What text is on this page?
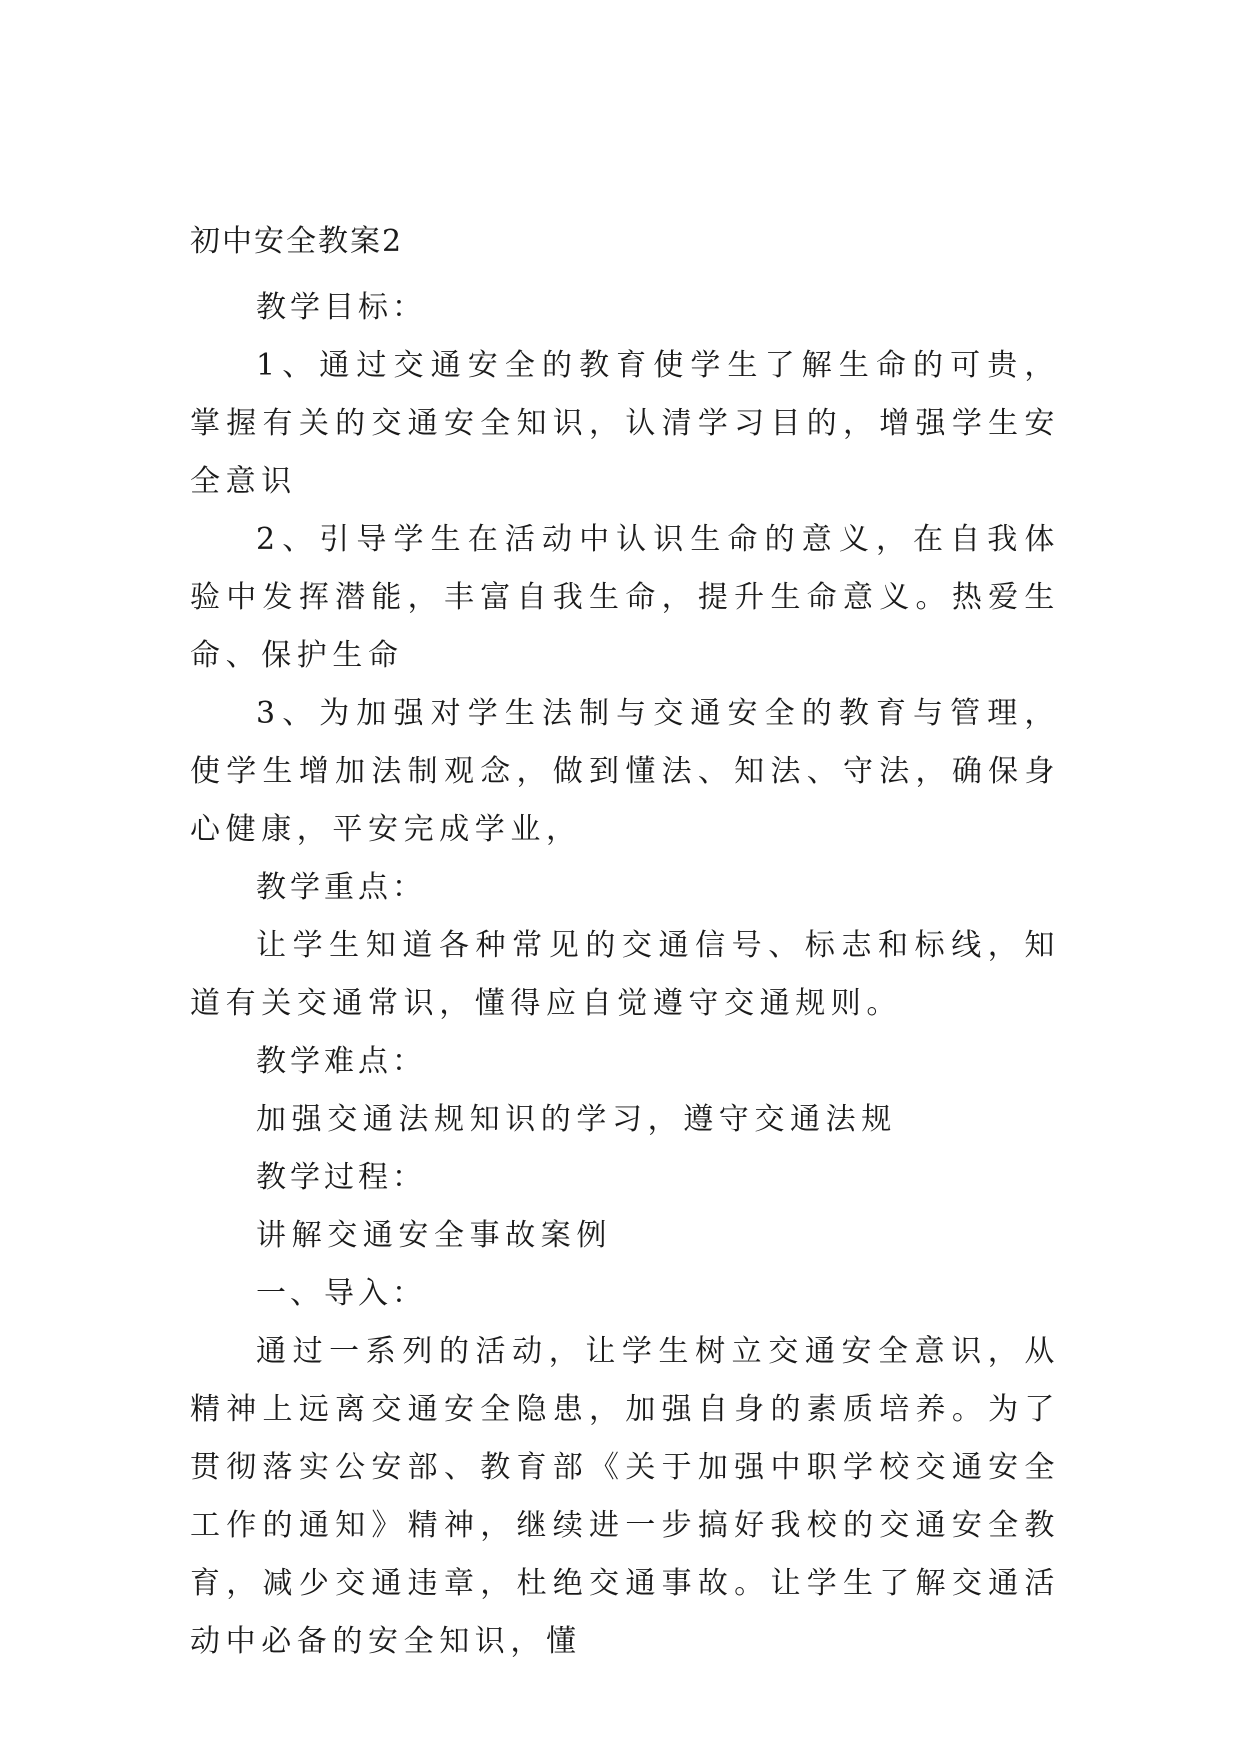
初中安全教案2

教学目标：

1、通过交通安全的教育使学生了解生命的可贵，掌握有关的交通安全知识，认清学习目的，增强学生安全意识

2、引导学生在活动中认识生命的意义，在自我体验中发挥潜能，丰富自我生命，提升生命意义。热爱生命、保护生命

3、为加强对学生法制与交通安全的教育与管理，使学生增加法制观念，做到懂法、知法、守法，确保身心健康，平安完成学业，

教学重点：

让学生知道各种常见的交通信号、标志和标线，知道有关交通常识，懂得应自觉遵守交通规则。

教学难点：

加强交通法规知识的学习，遵守交通法规

教学过程：

讲解交通安全事故案例

一、导入：

通过一系列的活动，让学生树立交通安全意识，从精神上远离交通安全隐患，加强自身的素质培养。为了贯彻落实公安部、教育部《关于加强中职学校交通安全工作的通知》精神，继续进一步搞好我校的交通安全教育，减少交通违章，杜绝交通事故。让学生了解交通活动中必备的安全知识，懂
